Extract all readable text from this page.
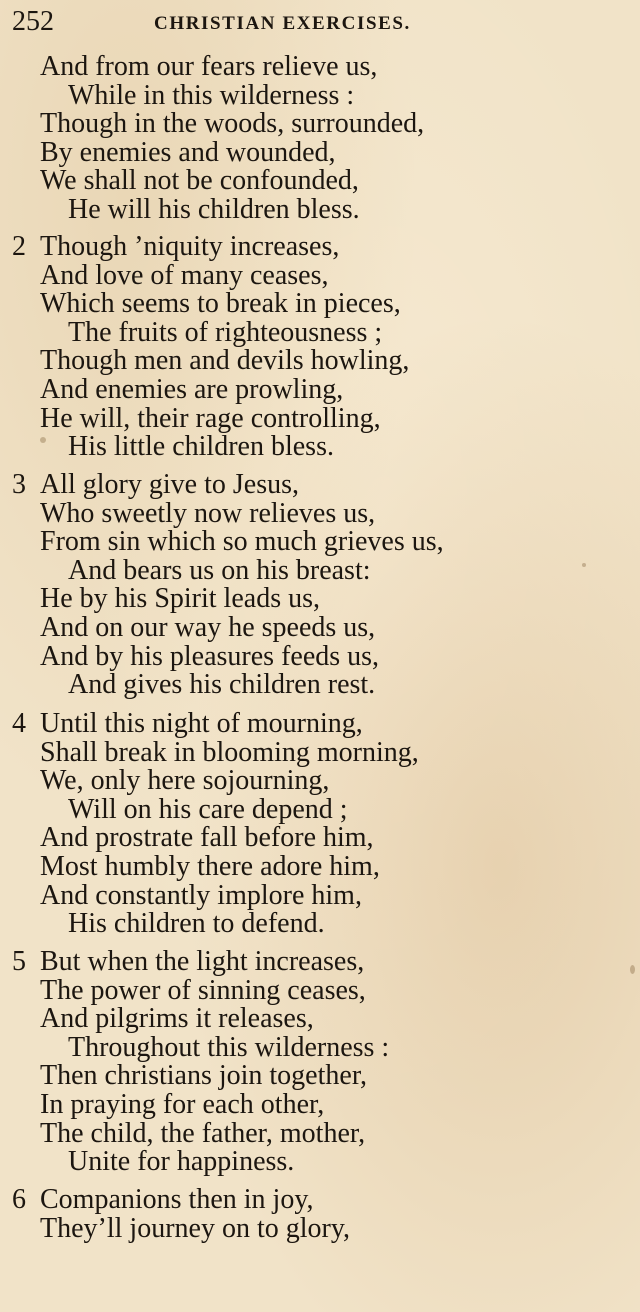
252	CHRISTIAN EXERCISES.
And from our fears relieve us,
While in this wilderness :
Though in the woods, surrounded,
By enemies and wounded,
We shall not be confounded,
He will his children bless.
2 Though ’niquity increases,
And love of many ceases,
Which seems to break in pieces,
The fruits of righteousness ;
Though men and devils howling,
And enemies are prowling,
He will, their rage controlling,
His little children bless.
3 All glory give to Jesus,
Who sweetly now relieves us,
From sin which so much grieves us,
And bears us on his breast:
He by his Spirit leads us,
And on our way he speeds us,
And by his pleasures feeds us,
And gives his children rest.
4 Until this night of mourning,
Shall break in blooming morning,
We, only here sojourning,
Will on his care depend ;
And prostrate fall before him,
Most humbly there adore him,
And constantly implore him,
His children to defend.
5 But when the light increases,
The power of sinning ceases,
And pilgrims it releases,
Throughout this wilderness :
Then christians join together,
In praying for each other,
The child, the father, mother,
Unite for happiness.
6 Companions then in joy,
They’ll journey on to glory,
